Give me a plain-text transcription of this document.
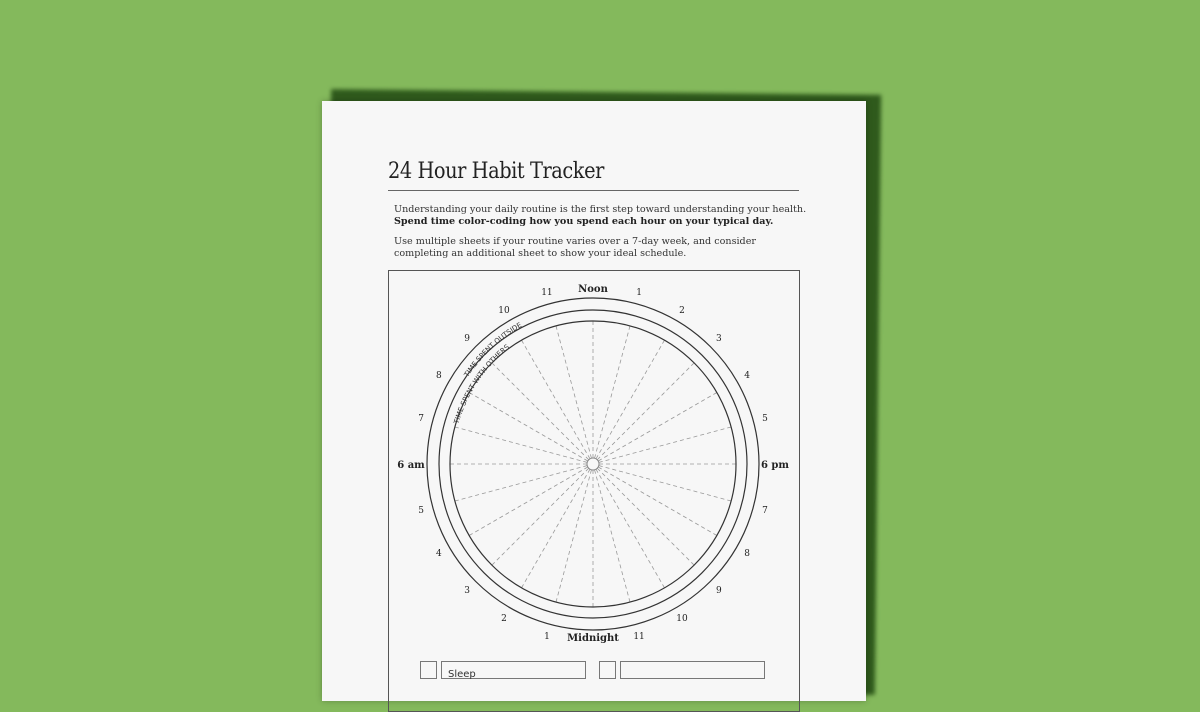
24 Hour Habit Tracker
Understanding your daily routine is the first step toward understanding your health.
Spend time color-coding how you spend each hour on your typical day.
Use multiple sheets if your routine varies over a 7-day week, and consider
completing an additional sheet to show your ideal schedule.
TIME SPENT OUTSIDE
TIME SPENT WITH OTHERS
1
2
3
4
5
7
8
9
10
11
1
2
3
4
5
7
8
9
10
11	Noon
Midnight
6 am	6 pm
Sleep
